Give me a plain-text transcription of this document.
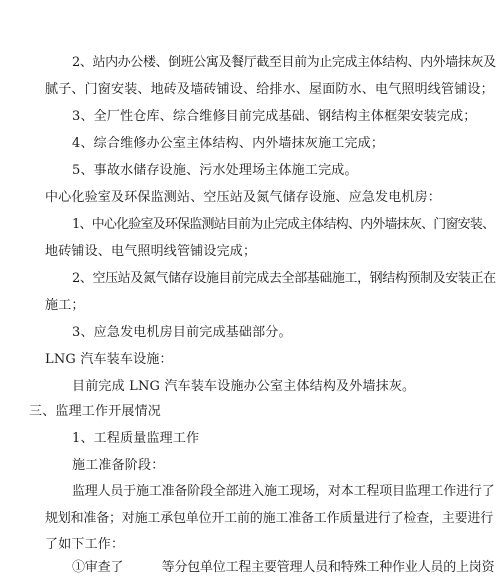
2、站内办公楼、倒班公寓及餐厅截至目前为止完成主体结构、内外墙抹灰及
腻子、门窗安装、地砖及墙砖铺设、给排水、屋面防水、电气照明线管铺设；
3、全厂性仓库、综合维修目前完成基础、钢结构主体框架安装完成；
4、综合维修办公室主体结构、内外墙抹灰施工完成；
5、事故水储存设施、污水处理场主体施工完成。
中心化验室及环保监测站、空压站及氮气储存设施、应急发电机房：
1、中心化验室及环保监测站目前为止完成主体结构、内外墙抹灰、门窗安装、
地砖铺设、电气照明线管铺设完成；
2、空压站及氮气储存设施目前完成去全部基础施工，钢结构预制及安装正在
施工；
3、应急发电机房目前完成基础部分。
LNG 汽车装车设施：
目前完成 LNG 汽车装车设施办公室主体结构及外墙抹灰。
三、监理工作开展情况
1、工程质量监理工作
施工准备阶段：
监理人员于施工准备阶段全部进入施工现场，对本工程项目监理工作进行了
规划和准备；对施工承包单位开工前的施工准备工作质量进行了检查，主要进行
了如下工作：
①审查了　　　等分包单位工程主要管理人员和特殊工种作业人员的上岗资
